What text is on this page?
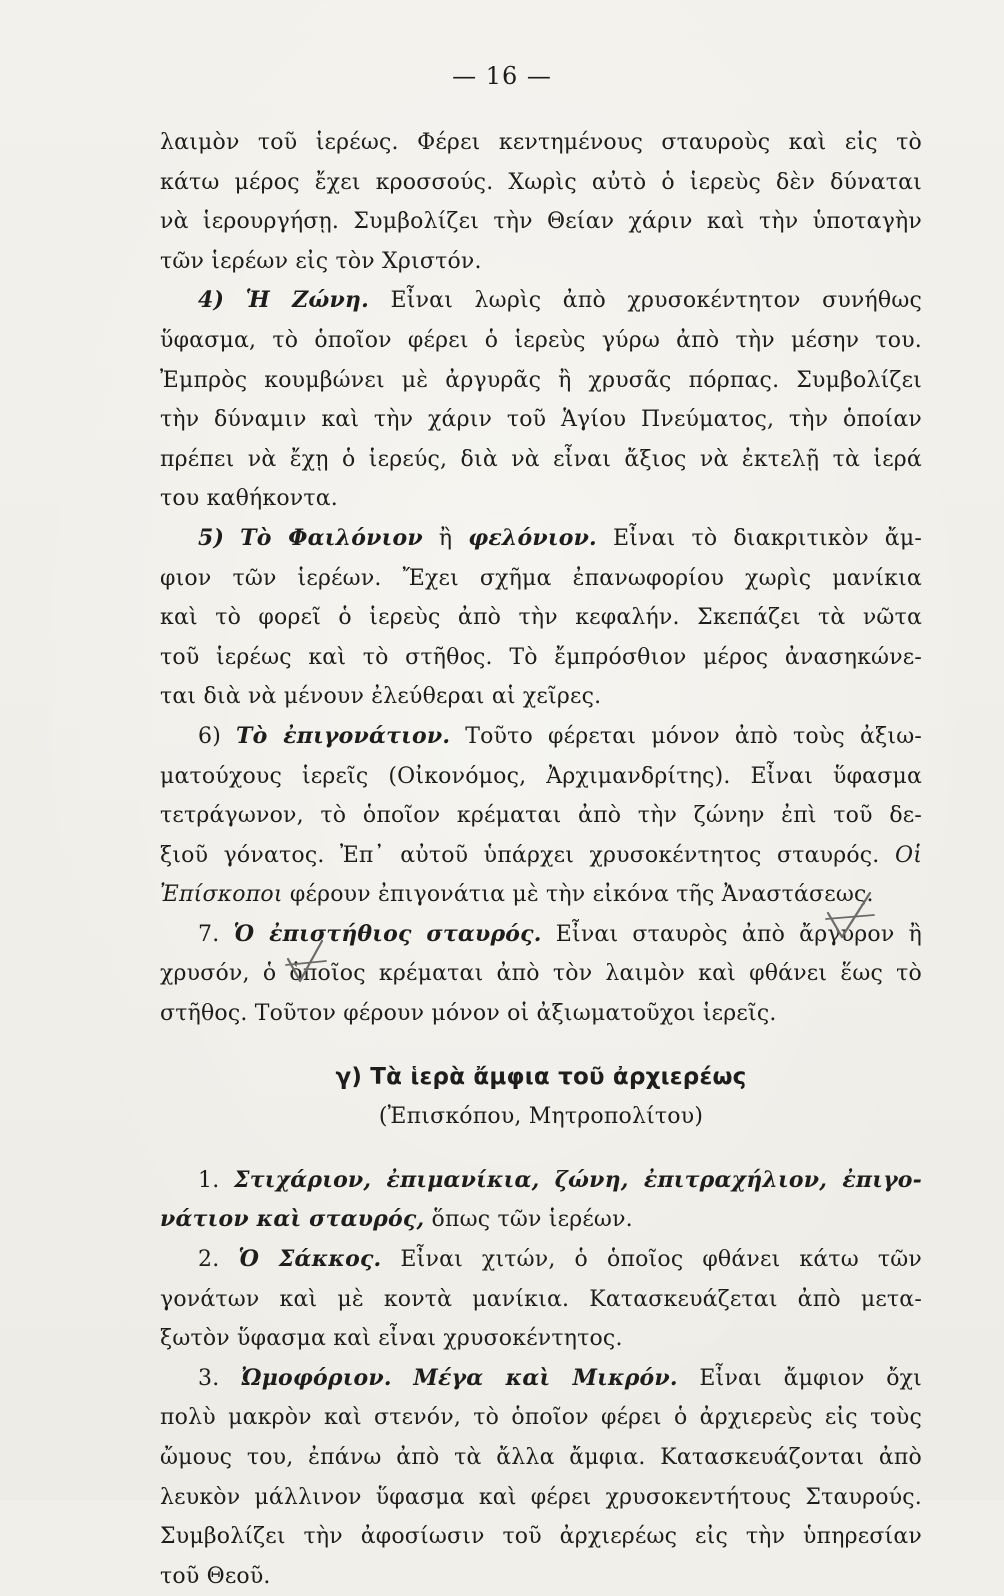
— 16 —
λαιμὸν τοῦ ἱερέως. Φέρει κεντημένους σταυροὺς καὶ εἰς τὸ
κάτω μέρος ἔχει κροσσούς. Χωρὶς αὐτὸ ὁ ἱερεὺς δὲν δύναται
νὰ ἱερουργήσῃ. Συμβολίζει τὴν Θείαν χάριν καὶ τὴν ὑποταγὴν
τῶν ἱερέων εἰς τὸν Χριστόν.
4) Ἡ Ζώνη. Εἶναι λωρὶς ἀπὸ χρυσοκέντητον συνήθως
ὕφασμα, τὸ ὁποῖον φέρει ὁ ἱερεὺς γύρω ἀπὸ τὴν μέσην του.
Ἐμπρὸς κουμβώνει μὲ ἀργυρᾶς ἢ χρυσᾶς πόρπας. Συμβολίζει
τὴν δύναμιν καὶ τὴν χάριν τοῦ Ἁγίου Πνεύματος, τὴν ὁποίαν
πρέπει νὰ ἔχῃ ὁ ἱερεύς, διὰ νὰ εἶναι ἄξιος νὰ ἐκτελῇ τὰ ἱερά
του καθήκοντα.
5) Τὸ Φαιλόνιον ἢ φελόνιον. Εἶναι τὸ διακριτικὸν ἄμ-
φιον τῶν ἱερέων. Ἔχει σχῆμα ἐπανωφορίου χωρὶς μανίκια
καὶ τὸ φορεῖ ὁ ἱερεὺς ἀπὸ τὴν κεφαλήν. Σκεπάζει τὰ νῶτα
τοῦ ἱερέως καὶ τὸ στῆθος. Τὸ ἔμπρόσθιον μέρος ἀνασηκώνε-
ται διὰ νὰ μένουν ἐλεύθεραι αἱ χεῖρες.
6) Τὸ ἐπιγονάτιον. Τοῦτο φέρεται μόνον ἀπὸ τοὺς ἀξιω-
ματούχους ἱερεῖς (Οἰκονόμος, Ἀρχιμανδρίτης). Εἶναι ὕφασμα
τετράγωνον, τὸ ὁποῖον κρέμαται ἀπὸ τὴν ζώνην ἐπὶ τοῦ δε-
ξιοῦ γόνατος. Ἐπ᾽ αὐτοῦ ὑπάρχει χρυσοκέντητος σταυρός. Οἱ
Ἐπίσκοποι φέρουν ἐπιγονάτια μὲ τὴν εἰκόνα τῆς Ἀναστάσεως.
7. Ὁ ἐπιστήθιος σταυρός. Εἶναι σταυρὸς ἀπὸ ἄργυρον ἢ
χρυσόν, ὁ ὁποῖος κρέμαται ἀπὸ τὸν λαιμὸν καὶ φθάνει ἕως τὸ
στῆθος. Τοῦτον φέρουν μόνον οἱ ἀξιωματοῦχοι ἱερεῖς.
γ) Τὰ ἱερὰ ἄμφια τοῦ ἀρχιερέως
(Ἐπισκόπου, Μητροπολίτου)
1. Στιχάριον, ἐπιμανίκια, ζώνη, ἐπιτραχήλιον, ἐπιγο-
νάτιον καὶ σταυρός, ὅπως τῶν ἱερέων.
2. Ὁ Σάκκος. Εἶναι χιτών, ὁ ὁποῖος φθάνει κάτω τῶν
γονάτων καὶ μὲ κοντὰ μανίκια. Κατασκευάζεται ἀπὸ μετα-
ξωτὸν ὕφασμα καὶ εἶναι χρυσοκέντητος.
3. Ὠμοφόριον. Μέγα καὶ Μικρόν. Εἶναι ἄμφιον ὄχι
πολὺ μακρὸν καὶ στενόν, τὸ ὁποῖον φέρει ὁ ἀρχιερεὺς εἰς τοὺς
ὤμους του, ἐπάνω ἀπὸ τὰ ἄλλα ἄμφια. Κατασκευάζονται ἀπὸ
λευκὸν μάλλινον ὕφασμα καὶ φέρει χρυσοκεντήτους Σταυρούς.
Συμβολίζει τὴν ἀφοσίωσιν τοῦ ἀρχιερέως εἰς τὴν ὑπηρεσίαν
τοῦ Θεοῦ.
